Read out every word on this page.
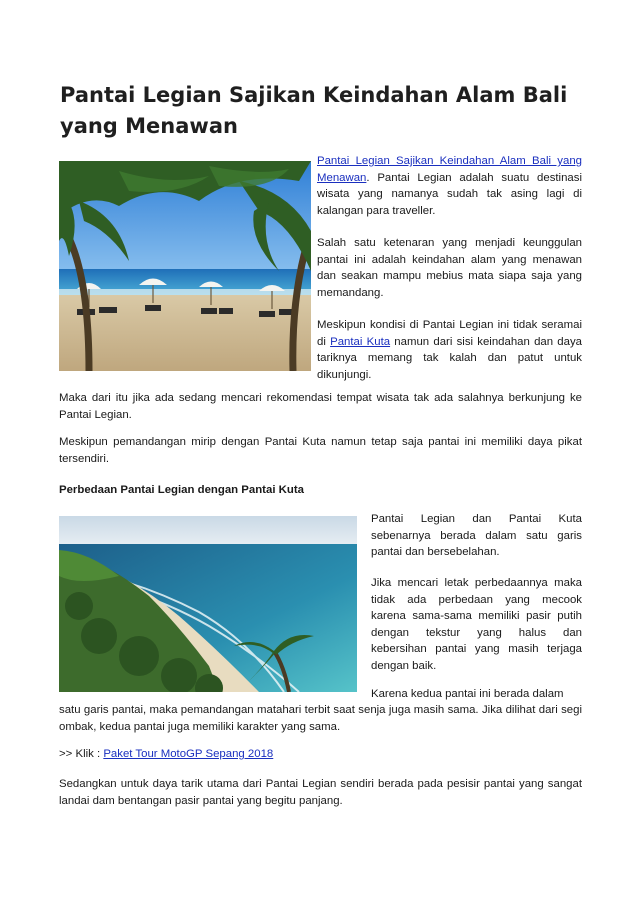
Pantai Legian Sajikan Keindahan Alam Bali yang Menawan

Pantai Legian Sajikan Keindahan Alam Bali yang Menawan. Pantai Legian adalah suatu destinasi wisata yang namanya sudah tak asing lagi di kalangan para traveller.

Salah satu ketenaran yang menjadi keunggulan pantai ini adalah keindahan alam yang menawan dan seakan mampu mebius mata siapa saja yang memandang.

Meskipun kondisi di Pantai Legian ini tidak seramai di Pantai Kuta namun dari sisi keindahan dan daya tariknya memang tak kalah dan patut untuk dikunjungi.

Maka dari itu jika ada sedang mencari rekomendasi tempat wisata tak ada salahnya berkunjung ke Pantai Legian.

Meskipun pemandangan mirip dengan Pantai Kuta namun tetap saja pantai ini memiliki daya pikat tersendiri.

Perbedaan Pantai Legian dengan Pantai Kuta

Pantai Legian dan Pantai Kuta sebenarnya berada dalam satu garis pantai dan bersebelahan.

Jika mencari letak perbedaannya maka tidak ada perbedaan yang mecook karena sama-sama memiliki pasir putih dengan tekstur yang halus dan kebersihan pantai yang masih terjaga dengan baik.

Karena kedua pantai ini berada dalam

satu garis pantai, maka pemandangan matahari terbit saat senja juga masih sama. Jika dilihat dari segi ombak, kedua pantai juga memiliki karakter yang sama.

>> Klik : Paket Tour MotoGP Sepang 2018

Sedangkan untuk daya tarik utama dari Pantai Legian sendiri berada pada pesisir pantai yang sangat landai dam bentangan pasir pantai yang begitu panjang.
